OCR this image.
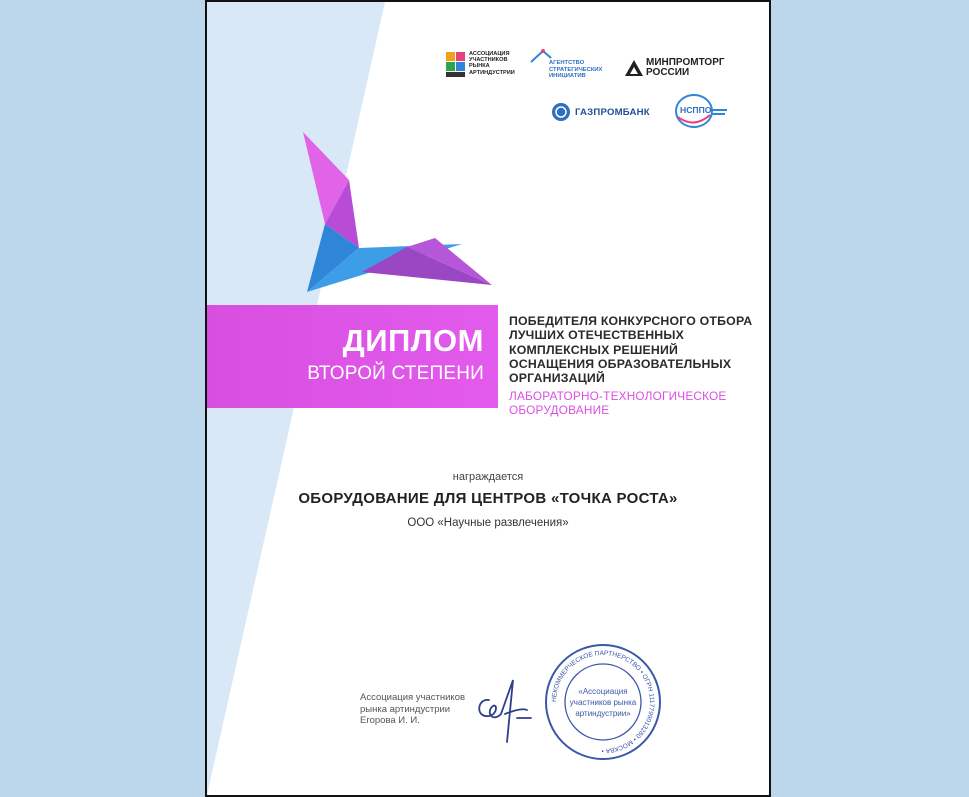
АССОЦИАЦИЯ
УЧАСТНИКОВ
РЫНКА
АРТИНДУСТРИИ
АГЕНТСТВО
СТРАТЕГИЧЕСКИХ
ИНИЦИАТИВ
МИНПРОМТОРГ
РОССИИ
ГАЗПРОМБАНК	НСППО
ДИПЛОМ
ВТОРОЙ СТЕПЕНИ
ПОБЕДИТЕЛЯ КОНКУРСНОГО ОТБОРА
ЛУЧШИХ ОТЕЧЕСТВЕННЫХ
КОМПЛЕКСНЫХ РЕШЕНИЙ
ОСНАЩЕНИЯ ОБРАЗОВАТЕЛЬНЫХ
ОРГАНИЗАЦИЙ
ЛАБОРАТОРНО-ТЕХНОЛОГИЧЕСКОЕ
ОБОРУДОВАНИЕ
награждается
ОБОРУДОВАНИЕ ДЛЯ ЦЕНТРОВ «ТОЧКА РОСТА»
ООО «Научные развлечения»
Ассоциация участников
рынка артиндустрии
Егорова И. И.
НЕКОММЕРЧЕСКОЕ ПАРТНЕРСТВО • ОГРН 1117799013280 • МОСКВА •
«Ассоциация
участников рынка
артиндустрии»
